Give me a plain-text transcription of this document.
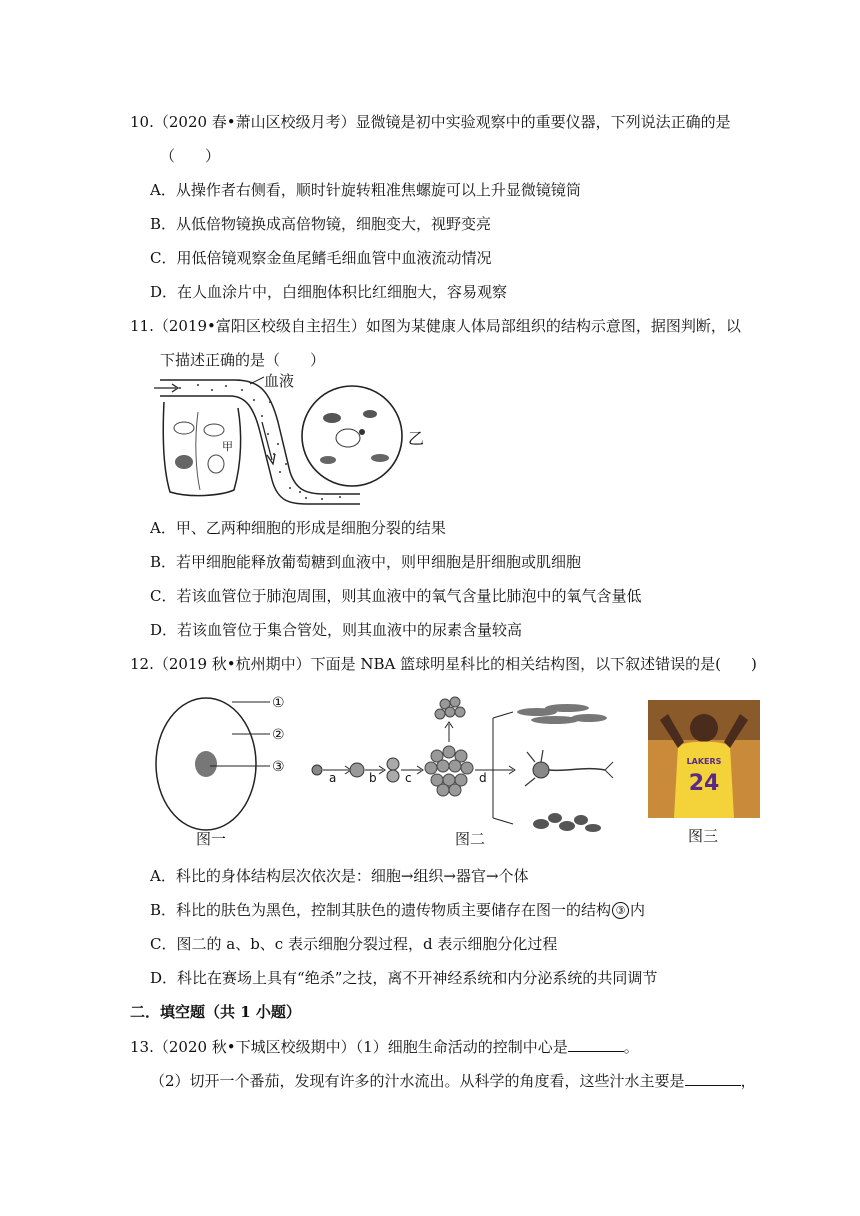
10.（2020 春•萧山区校级月考）显微镜是初中实验观察中的重要仪器，下列说法正确的是
（　　）
A．从操作者右侧看，顺时针旋转粗准焦螺旋可以上升显微镜镜筒
B．从低倍物镜换成高倍物镜，细胞变大，视野变亮
C．用低倍镜观察金鱼尾鳍毛细血管中血液流动情况
D．在人血涂片中，白细胞体积比红细胞大，容易观察
11.（2019•富阳区校级自主招生）如图为某健康人体局部组织的结构示意图，据图判断，以
下描述正确的是（　　）
血液
甲	乙
A．甲、乙两种细胞的形成是细胞分裂的结果
B．若甲细胞能释放葡萄糖到血液中，则甲细胞是肝细胞或肌细胞
C．若该血管位于肺泡周围，则其血液中的氧气含量比肺泡中的氧气含量低
D．若该血管位于集合管处，则其血液中的尿素含量较高
12.（2019 秋•杭州期中）下面是 NBA 篮球明星科比的相关结构图，以下叙述错误的是(　　)
①
②
③
图一
a	b c	d
图二
LAKERS
24
图三
A．科比的身体结构层次依次是：细胞→组织→器官→个体
B．科比的肤色为黑色，控制其肤色的遗传物质主要储存在图一的结构 ③ 内
C．图二的 a、b、c 表示细胞分裂过程，d 表示细胞分化过程
D．科比在赛场上具有“绝杀”之技，离不开神经系统和内分泌系统的共同调节
二．填空题（共 1 小题）
13.（2020 秋•下城区校级期中）（1）细胞生命活动的控制中心是	。
（2）切开一个番茄，发现有许多的汁水流出。从科学的角度看，这些汁水主要是	，
